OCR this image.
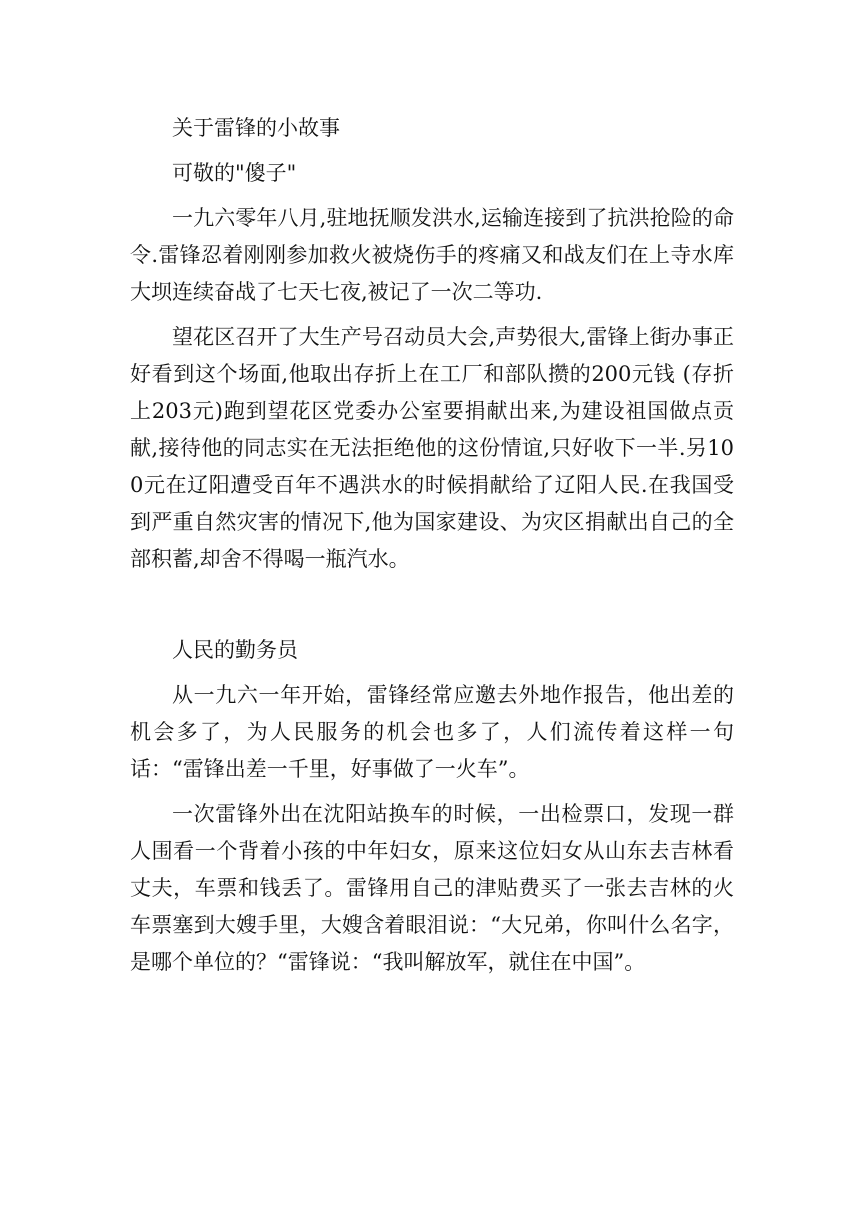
关于雷锋的小故事

可敬的"傻子"

一九六零年八月,驻地抚顺发洪水,运输连接到了抗洪抢险的命令.雷锋忍着刚刚参加救火被烧伤手的疼痛又和战友们在上寺水库大坝连续奋战了七天七夜,被记了一次二等功.

望花区召开了大生产号召动员大会,声势很大,雷锋上街办事正好看到这个场面,他取出存折上在工厂和部队攒的200元钱 (存折上203元)跑到望花区党委办公室要捐献出来,为建设祖国做点贡献,接待他的同志实在无法拒绝他的这份情谊,只好收下一半.另100元在辽阳遭受百年不遇洪水的时候捐献给了辽阳人民.在我国受到严重自然灾害的情况下,他为国家建设、为灾区捐献出自己的全部积蓄,却舍不得喝一瓶汽水。

人民的勤务员

从一九六一年开始，雷锋经常应邀去外地作报告，他出差的机会多了，为人民服务的机会也多了，人们流传着这样一句话：“雷锋出差一千里，好事做了一火车”。

一次雷锋外出在沈阳站换车的时候，一出检票口，发现一群人围看一个背着小孩的中年妇女，原来这位妇女从山东去吉林看丈夫，车票和钱丢了。雷锋用自己的津贴费买了一张去吉林的火车票塞到大嫂手里，大嫂含着眼泪说：“大兄弟，你叫什么名字，是哪个单位的？“雷锋说：“我叫解放军，就住在中国”。
